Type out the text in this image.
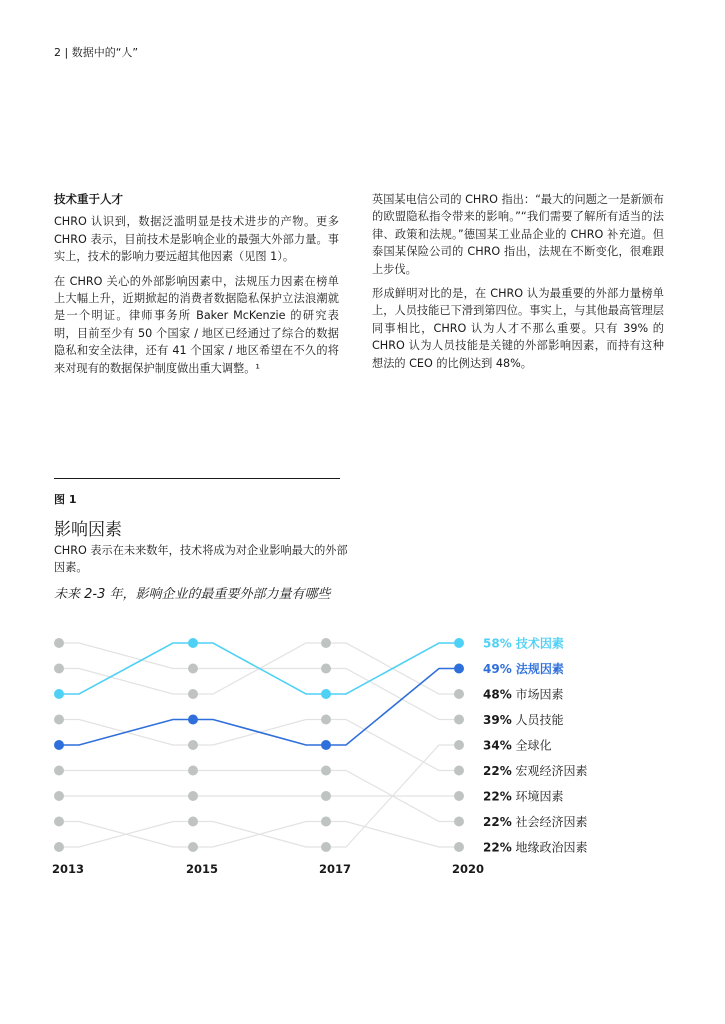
2 | 数据中的“人”
技术重于人才

CHRO 认识到，数据泛滥明显是技术进步的产物。更多 CHRO 表示，目前技术是影响企业的最强大外部力量。事实上，技术的影响力要远超其他因素（见图 1）。

在 CHRO 关心的外部影响因素中，法规压力因素在榜单上大幅上升，近期掀起的消费者数据隐私保护立法浪潮就是一个明证。律师事务所 Baker McKenzie 的研究表明，目前至少有 50 个国家 / 地区已经通过了综合的数据隐私和安全法律，还有 41 个国家 / 地区希望在不久的将来对现有的数据保护制度做出重大调整。¹

英国某电信公司的 CHRO 指出：“最大的问题之一是新颁布的欧盟隐私指令带来的影响。”“我们需要了解所有适当的法律、政策和法规。”德国某工业品企业的 CHRO 补充道。但泰国某保险公司的 CHRO 指出，法规在不断变化，很难跟上步伐。

形成鲜明对比的是，在 CHRO 认为最重要的外部力量榜单上，人员技能已下滑到第四位。事实上，与其他最高管理层同事相比，CHRO 认为人才不那么重要。只有 39% 的 CHRO 认为人员技能是关键的外部影响因素，而持有这种想法的 CEO 的比例达到 48%。

图 1
影响因素
CHRO 表示在未来数年，技术将成为对企业影响最大的外部因素。
未来 2-3 年，影响企业的最重要外部力量有哪些
58% 技术因素
49% 法规因素
48% 市场因素
39% 人员技能
34% 全球化
22% 宏观经济因素
22% 环境因素
22% 社会经济因素
22% 地缘政治因素
2013	2015	2017	2020
